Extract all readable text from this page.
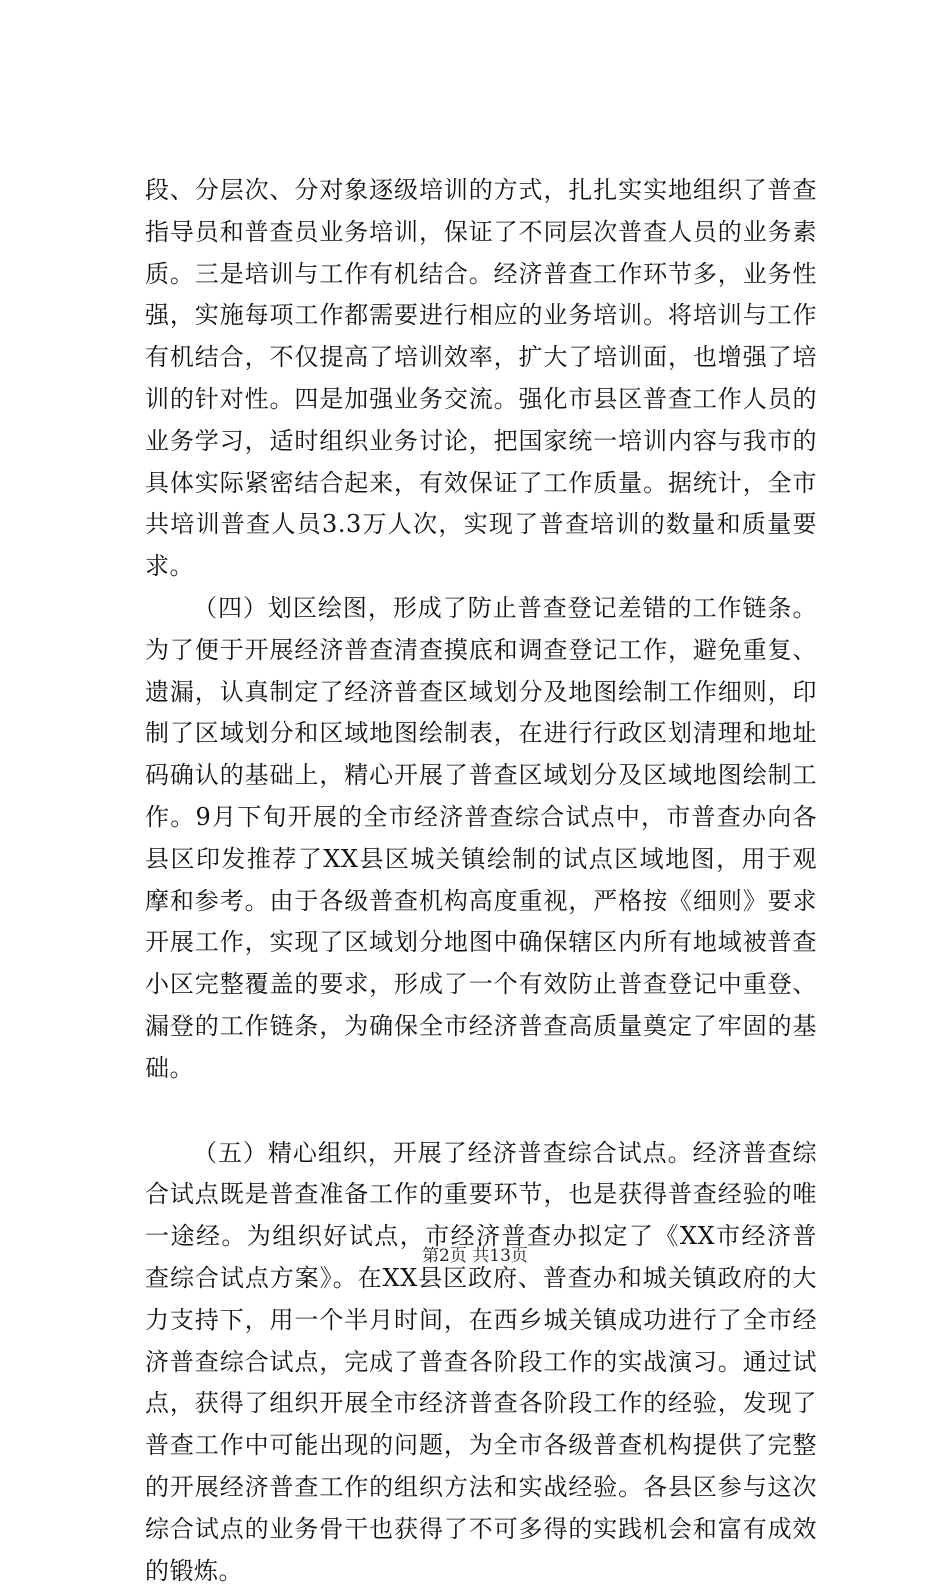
段、分层次、分对象逐级培训的方式，扎扎实实地组织了普查指导员和普查员业务培训，保证了不同层次普查人员的业务素质。三是培训与工作有机结合。经济普查工作环节多，业务性强，实施每项工作都需要进行相应的业务培训。将培训与工作有机结合，不仅提高了培训效率，扩大了培训面，也增强了培训的针对性。四是加强业务交流。强化市县区普查工作人员的业务学习，适时组织业务讨论，把国家统一培训内容与我市的具体实际紧密结合起来，有效保证了工作质量。据统计，全市共培训普查人员3.3万人次，实现了普查培训的数量和质量要求。

（四）划区绘图，形成了防止普查登记差错的工作链条。为了便于开展经济普查清查摸底和调查登记工作，避免重复、遗漏，认真制定了经济普查区域划分及地图绘制工作细则，印制了区域划分和区域地图绘制表，在进行行政区划清理和地址码确认的基础上，精心开展了普查区域划分及区域地图绘制工作。9月下旬开展的全市经济普查综合试点中，市普查办向各县区印发推荐了XX县区城关镇绘制的试点区域地图，用于观摩和参考。由于各级普查机构高度重视，严格按《细则》要求开展工作，实现了区域划分地图中确保辖区内所有地域被普查小区完整覆盖的要求，形成了一个有效防止普查登记中重登、漏登的工作链条，为确保全市经济普查高质量奠定了牢固的基础。

（五）精心组织，开展了经济普查综合试点。经济普查综合试点既是普查准备工作的重要环节，也是获得普查经验的唯一途经。为组织好试点，市经济普查办拟定了《XX市经济普查综合试点方案》。在XX县区政府、普查办和城关镇政府的大力支持下，用一个半月时间，在西乡城关镇成功进行了全市经济普查综合试点，完成了普查各阶段工作的实战演习。通过试点，获得了组织开展全市经济普查各阶段工作的经验，发现了普查工作中可能出现的问题，为全市各级普查机构提供了完整的开展经济普查工作的组织方法和实战经验。各县区参与这次综合试点的业务骨干也获得了不可多得的实践机会和富有成效的锻炼。

第2页 共13页
